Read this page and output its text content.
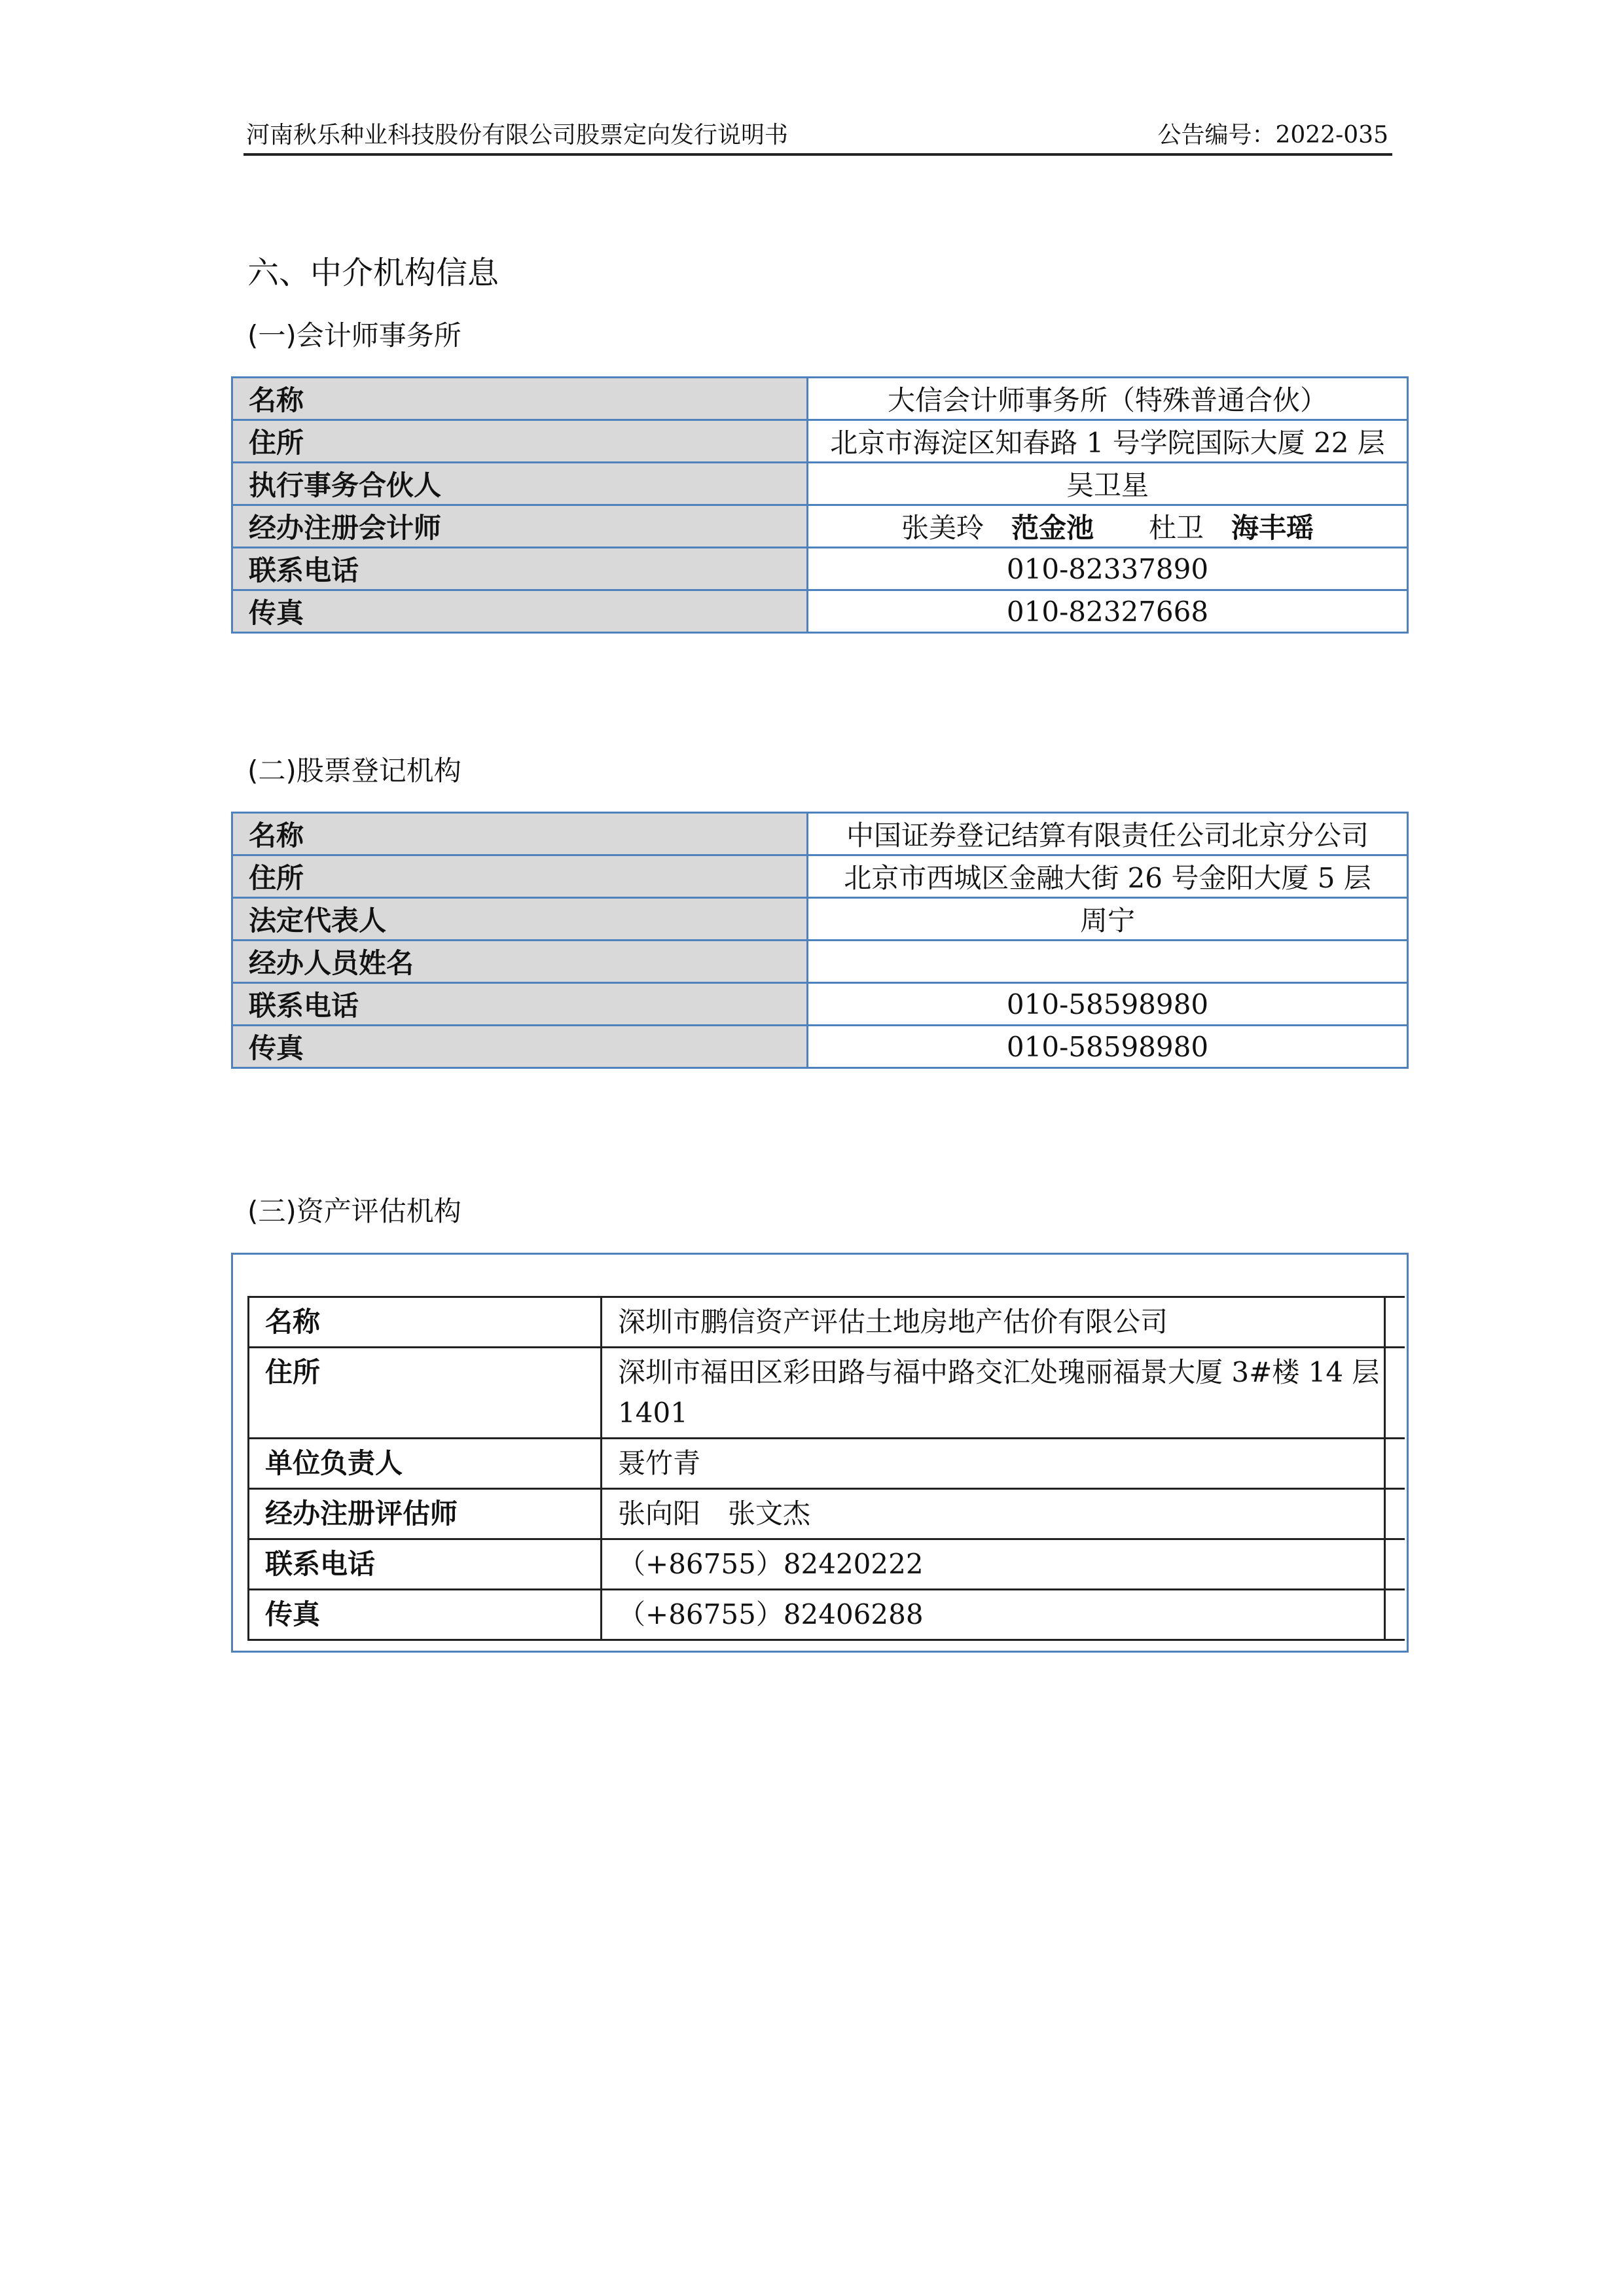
河南秋乐种业科技股份有限公司股票定向发行说明书	公告编号：2022-035
六、中介机构信息
(一)会计师事务所
名称	大信会计师事务所（特殊普通合伙）
住所	北京市海淀区知春路 1 号学院国际大厦 22 层
执行事务合伙人	吴卫星
经办注册会计师	张美玲 范金池 杜卫 海丰瑶
联系电话	010-82337890
传真	010-82327668
(二)股票登记机构
名称	中国证券登记结算有限责任公司北京分公司
住所	北京市西城区金融大街 26 号金阳大厦 5 层
法定代表人	周宁
经办人员姓名	
联系电话	010-58598980
传真	010-58598980
(三)资产评估机构
名称	深圳市鹏信资产评估土地房地产估价有限公司	
住所	深圳市福田区彩田路与福中路交汇处瑰丽福景大厦 3#楼 14 层 1401	
单位负责人	聂竹青	
经办注册评估师	张向阳　张文杰	
联系电话	（+86755）82420222	
传真	（+86755）82406288	
